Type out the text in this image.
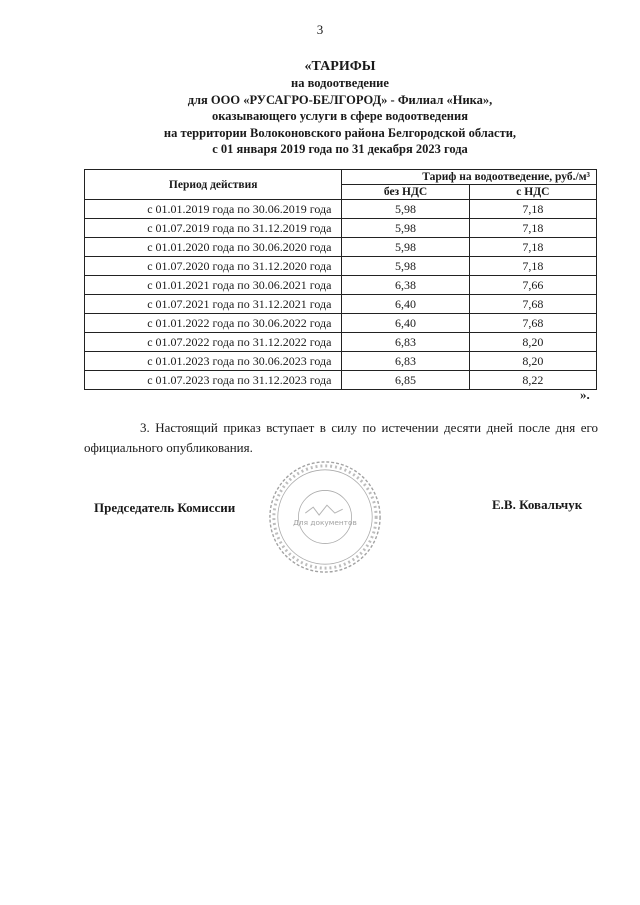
3
«ТАРИФЫ
на водоотведение
для ООО «РУСАГРО-БЕЛГОРОД» - Филиал «Ника»,
оказывающего услуги в сфере водоотведения
на территории Волоконовского района Белгородской области,
с 01 января 2019 года по 31 декабря 2023 года
Период действия	Тариф на водоотведение, руб./м³	
	без НДС	с НДС
с 01.01.2019 года по 30.06.2019 года	5,98	7,18
с 01.07.2019 года по 31.12.2019 года	5,98	7,18
с 01.01.2020 года по 30.06.2020 года	5,98	7,18
с 01.07.2020 года по 31.12.2020 года	5,98	7,18
с 01.01.2021 года по 30.06.2021 года	6,38	7,66
с 01.07.2021 года по 31.12.2021 года	6,40	7,68
с 01.01.2022 года по 30.06.2022 года	6,40	7,68
с 01.07.2022 года по 31.12.2022 года	6,83	8,20
с 01.01.2023 года по 30.06.2023 года	6,83	8,20
с 01.07.2023 года по 31.12.2023 года	6,85	8,22
».
3. Настоящий приказ вступает в силу по истечении десяти дней после дня его официального опубликования.
Председатель Комиссии
Для документов
Е.В. Ковальчук
